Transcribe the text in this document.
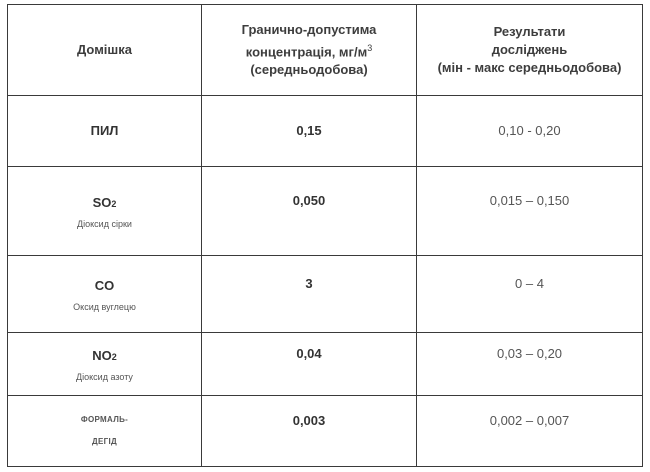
Домішка	Гранично-допустима
концентрація, $мг/м^3$
(середньодобова)	Результати
досліджень
(мін - макс середньодобова)
ПИЛ	0,15	0,10 - 0,20
SO2
Діоксид сірки	$^{0,050}$	$^{0,015 - 0,150}$
CO
Оксид вуглецю	$^3$	$^{0 - 4}$
NO2
Діоксид азоту	$^{0,04}$	$^{0,03 - 0,20}$
ФОРМАЛЬ-
ДЕГІД	$^{0,003}$	$^{0,002 - 0,007}$
